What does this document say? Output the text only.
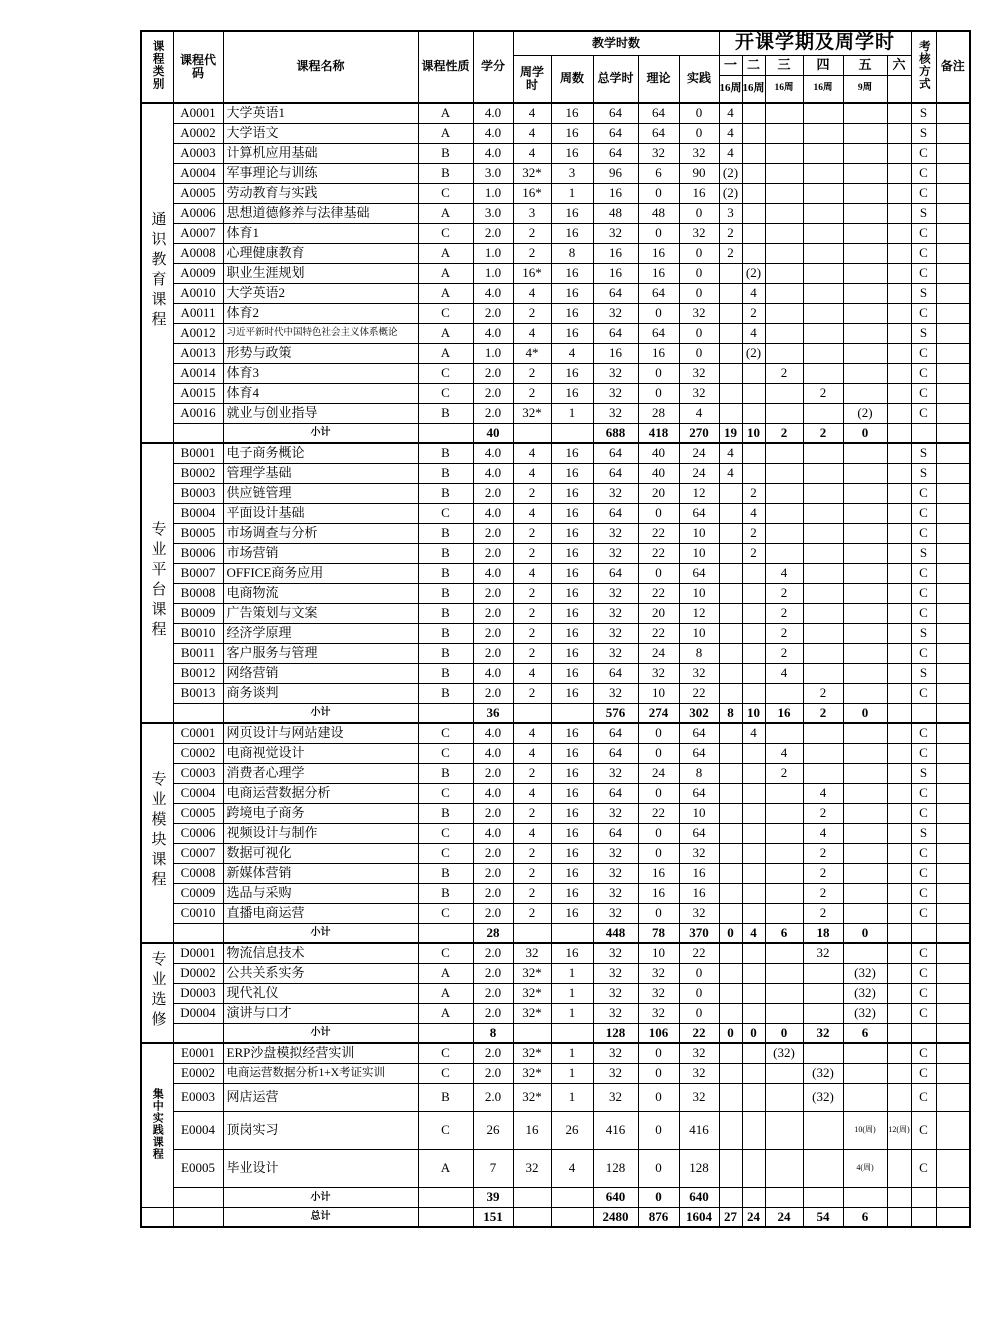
课程类别	课程代码	课程名称	课程性质	学分	教学时数					开课学期及周学时						考核方式	备注
					周学时	周数	总学时	理论	实践	一	二	三	四	五	六		
										16周	16周	16周	16周	9周			
通识教育课程	A0001	大学英语1	A	4.0	4	16	64	64	0	4						S	
	A0002	大学语文	A	4.0	4	16	64	64	0	4						S	
	A0003	计算机应用基础	B	4.0	4	16	64	32	32	4						C	
	A0004	军事理论与训练	B	3.0	32*	3	96	6	90	(2)						C	
	A0005	劳动教育与实践	C	1.0	16*	1	16	0	16	(2)						C	
	A0006	思想道德修养与法律基础	A	3.0	3	16	48	48	0	3						S	
	A0007	体育1	C	2.0	2	16	32	0	32	2						C	
	A0008	心理健康教育	A	1.0	2	8	16	16	0	2						C	
	A0009	职业生涯规划	A	1.0	16*	16	16	16	0		(2)					C	
	A0010	大学英语2	A	4.0	4	16	64	64	0		4					S	
	A0011	体育2	C	2.0	2	16	32	0	32		2					C	
	A0012	习近平新时代中国特色社会主义体系概论	A	4.0	4	16	64	64	0		4					S	
	A0013	形势与政策	A	1.0	4*	4	16	16	0		(2)					C	
	A0014	体育3	C	2.0	2	16	32	0	32			2				C	
	A0015	体育4	C	2.0	2	16	32	0	32				2			C	
	A0016	就业与创业指导	B	2.0	32*	1	32	28	4					(2)		C	
		小计		40			688	418	270	19	10	2	2	0			
专业平台课程	B0001	电子商务概论	B	4.0	4	16	64	40	24	4						S	
	B0002	管理学基础	B	4.0	4	16	64	40	24	4						S	
	B0003	供应链管理	B	2.0	2	16	32	20	12		2					C	
	B0004	平面设计基础	C	4.0	4	16	64	0	64		4					C	
	B0005	市场调查与分析	B	2.0	2	16	32	22	10		2					C	
	B0006	市场营销	B	2.0	2	16	32	22	10		2					S	
	B0007	OFFICE商务应用	B	4.0	4	16	64	0	64			4				C	
	B0008	电商物流	B	2.0	2	16	32	22	10			2				C	
	B0009	广告策划与文案	B	2.0	2	16	32	20	12			2				C	
	B0010	经济学原理	B	2.0	2	16	32	22	10			2				S	
	B0011	客户服务与管理	B	2.0	2	16	32	24	8			2				C	
	B0012	网络营销	B	4.0	4	16	64	32	32			4				S	
	B0013	商务谈判	B	2.0	2	16	32	10	22				2			C	
		小计		36			576	274	302	8	10	16	2	0			
专业模块课程	C0001	网页设计与网站建设	C	4.0	4	16	64	0	64		4					C	
	C0002	电商视觉设计	C	4.0	4	16	64	0	64			4				C	
	C0003	消费者心理学	B	2.0	2	16	32	24	8			2				S	
	C0004	电商运营数据分析	C	4.0	4	16	64	0	64				4			C	
	C0005	跨境电子商务	B	2.0	2	16	32	22	10				2			C	
	C0006	视频设计与制作	C	4.0	4	16	64	0	64				4			S	
	C0007	数据可视化	C	2.0	2	16	32	0	32				2			C	
	C0008	新媒体营销	B	2.0	2	16	32	16	16				2			C	
	C0009	选品与采购	B	2.0	2	16	32	16	16				2			C	
	C0010	直播电商运营	C	2.0	2	16	32	0	32				2			C	
		小计		28			448	78	370	0	4	6	18	0			
专业选修	D0001	物流信息技术	C	2.0	32	16	32	10	22				32			C	
	D0002	公共关系实务	A	2.0	32*	1	32	32	0					(32)		C	
	D0003	现代礼仪	A	2.0	32*	1	32	32	0					(32)		C	
	D0004	演讲与口才	A	2.0	32*	1	32	32	0					(32)		C	
		小计		8			128	106	22	0	0	0	32	6			
集中实践课程	E0001	ERP沙盘模拟经营实训	C	2.0	32*	1	32	0	32			(32)				C	
	E0002	电商运营数据分析1+X考证实训	C	2.0	32*	1	32	0	32				(32)			C	
	E0003	网店运营	B	2.0	32*	1	32	0	32				(32)			C	
	E0004	顶岗实习	C	26	16	26	416	0	416					10(周)	12(周)	C	
	E0005	毕业设计	A	7	32	4	128	0	128					4(周)		C	
		小计		39			640	0	640								
		总计		151			2480	876	1604	27	24	24	54	6			
